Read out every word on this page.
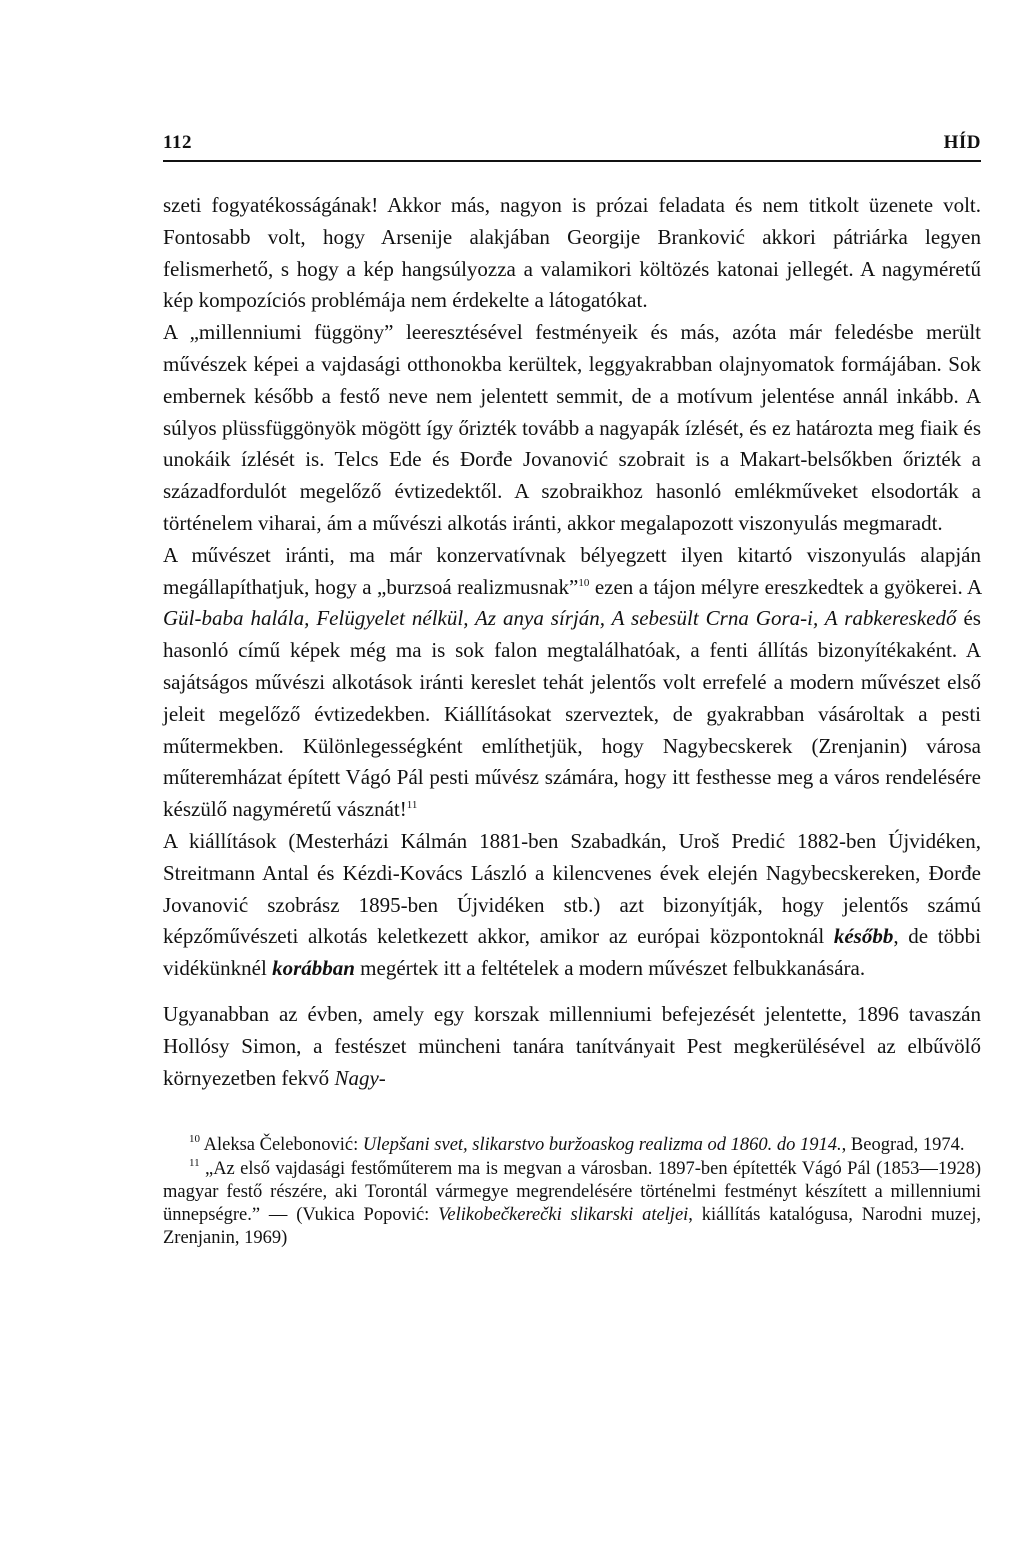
112	HÍD

szeti fogyatékosságának! Akkor más, nagyon is prózai feladata és nem titkolt üzenete volt. Fontosabb volt, hogy Arsenije alakjában Georgije Branković akkori pátriárka legyen felismerhető, s hogy a kép hangsúlyozza a valamikori költözés katonai jellegét. A nagyméretű kép kompozíciós problémája nem érdekelte a látogatókat.

A „millenniumi függöny” leeresztésével festményeik és más, azóta már feledésbe merült művészek képei a vajdasági otthonokba kerültek, leggyakrabban olajnyomatok formájában. Sok embernek később a festő neve nem jelentett semmit, de a motívum jelentése annál inkább. A súlyos plüssfüggönyök mögött így őrizték tovább a nagyapák ízlését, és ez határozta meg fiaik és unokáik ízlését is. Telcs Ede és Đorđe Jovanović szobrait is a Makart-belsőkben őrizték a századfordulót megelőző évtizedektől. A szobraikhoz hasonló emlékműveket elsodorták a történelem viharai, ám a művészi alkotás iránti, akkor megalapozott viszonyulás megmaradt.

A művészet iránti, ma már konzervatívnak bélyegzett ilyen kitartó viszonyulás alapján megállapíthatjuk, hogy a „burzsoá realizmusnak”$^{10}$ ezen a tájon mélyre ereszkedtek a gyökerei. A Gül-baba halála, Felügyelet nélkül, Az anya sírján, A sebesült Crna Gora-i, A rabkereskedő és hasonló című képek még ma is sok falon megtalálhatóak, a fenti állítás bizonyítékaként. A sajátságos művészi alkotások iránti kereslet tehát jelentős volt errefelé a modern művészet első jeleit megelőző évtizedekben. Kiállításokat szerveztek, de gyakrabban vásároltak a pesti műtermekben. Különlegességként említhetjük, hogy Nagybecskerek (Zrenjanin) városa műteremházat épített Vágó Pál pesti művész számára, hogy itt festhesse meg a város rendelésére készülő nagyméretű vásznát!$^{11}$

A kiállítások (Mesterházi Kálmán 1881-ben Szabadkán, Uroš Predić 1882-ben Újvidéken, Streitmann Antal és Kézdi-Kovács László a kilencvenes évek elején Nagybecskereken, Đorđe Jovanović szobrász 1895-ben Újvidéken stb.) azt bizonyítják, hogy jelentős számú képzőművészeti alkotás keletkezett akkor, amikor az európai központoknál később, de többi vidékünknél korábban megértek itt a feltételek a modern művészet felbukkanására.

Ugyanabban az évben, amely egy korszak millenniumi befejezését jelentette, 1896 tavaszán Hollósy Simon, a festészet müncheni tanára tanítványait Pest megkerülésével az elbűvölő környezetben fekvő Nagy-

$^{10}$ Aleksa Čelebonović: Ulepšani svet, slikarstvo buržoaskog realizma od 1860. do 1914., Beograd, 1974.

$^{11}$ „Az első vajdasági festőműterem ma is megvan a városban. 1897-ben építették Vágó Pál (1853—1928) magyar festő részére, aki Torontál vármegye megrendelésére történelmi festményt készített a millenniumi ünnepségre.” — (Vukica Popović: Velikobečkerečki slikarski ateljei, kiállítás katalógusa, Narodni muzej, Zrenjanin, 1969)
